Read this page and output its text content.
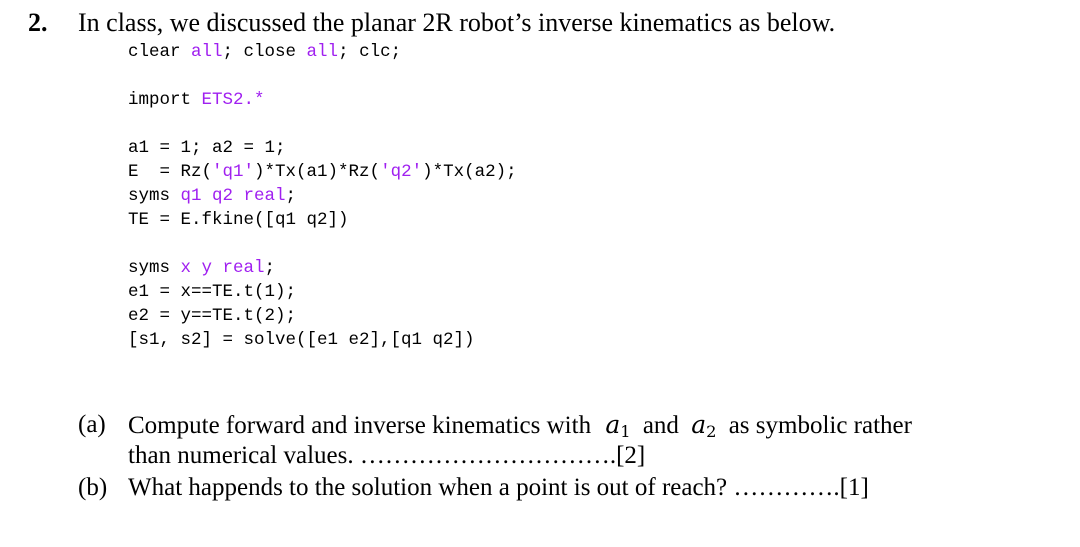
2. In class, we discussed the planar 2R robot’s inverse kinematics as below.
clear all; close all; clc;
import ETS2.*
a1 = 1; a2 = 1;
E  = Rz('q1')*Tx(a1)*Rz('q2')*Tx(a2);
syms q1 q2 real;
TE = E.fkine([q1 q2])
syms x y real;
e1 = x==TE.t(1);
e2 = y==TE.t(2);
[s1, s2] = solve([e1 e2],[q1 q2])
(a) Compute forward and inverse kinematics with $a_1$ and $a_2$ as symbolic rather
than numerical values. ………………………….[2]
(b) What happends to the solution when a point is out of reach? ………….[1]
